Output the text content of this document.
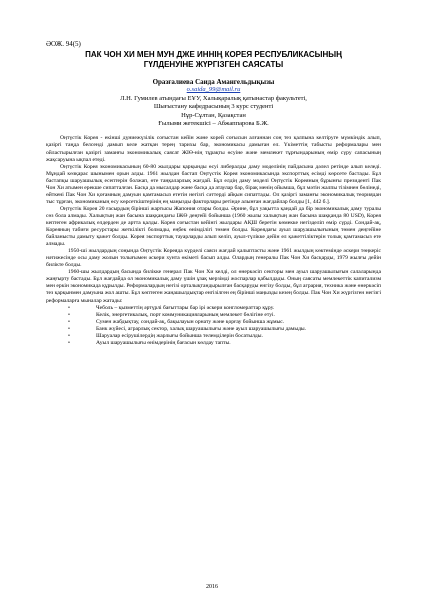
ӘОЖ. 94(5)
ПАК ЧОН ХИ МЕН МУН ДЖЕ ИННІҢ КОРЕЯ РЕСПУБЛИКАСЫНЫҢ
ГҮЛДЕНУІНЕ ЖҮРГІЗГЕН САЯСАТЫ
Оразғалиева Саида Амангельдықызы
o.saida_99@mail.ru
Л.Н. Гумилев атындағы ЕҰУ, Халықаралық қатынастар факультеті,
Шығыстану кафедрасының 3 курс студенті
Нұр-Сұлтан, Қазақстан
Ғылыми жетекшісі – Абжаппарова Б.Ж.

Оңтүстік Корея - екінші дүниежүзілік соғыстан кейін және корей соғысын алғаннан соң тез қалпына келтіруге мүмкіндік алып, қазіргі таңда белсенді дамып келе жатқан терең тарихы бар, экономикасы дамыған ел. Үкіметтің табысты реформалары мен ойластырылған қазіргі заманғы экономикалық саясат ЖІӨ-нің тұрақты өсуіне және мемлекет тұрғындарының өмір сүру сапасының жақсаруына ықпал етеді.

Оңтүстік Корея экономикасының 60-80 жылдары қарқынды өсуі либералды даму моделінің пайдасына дәлел ретінде алып келеді. Мұндай көзқарас шынымен орын алды. 1961 жылдан бастап Оңтүстік Корея экономикасында экспорттық есімді көрсете бастады. Бұл бастапқы шаруашылық есептерін болжап, өте таңқаларлық жағдай. Бұл елдің даму моделі Оңтүстік Кореяның бұрынғы президенті Пак Чон Хи атымен ерекше сипатталған. Басқа да мысалдар және басқа да атаулар бар, бірақ менің ойымша, бұл мәтін жалпы тізімнен бөлінеді, өйткені Пак Чон Хи қоғамның дамуын қамтамасыз ететін негізгі сәттерді айқын сипаттады. Ол қазіргі заманғы экономикалық теориядан тыс тұрған, экономиканың өсу көрсеткіштерінің ең маңызды факторлары ретінде алынған жағдайлар болды [1, 442 б.].

Оңтүстік Корея 20 ғасырдың бірінші жартысы Жапония отары болды. Әрине, бұл уақытта қандай да бір экономикалық даму туралы сөз бола алмады. Халықтың жан басына шаққандағы ІЖӨ деңгейі бойынша (1960 жылы халықтың жан басына шаққанда 80 USD), Корея кептеген африкалық елдерден де артта қалды. Корея соғыстан кейінгі жылдары АҚШ беретін көмекке негізделіп өмір сүрді. Сондай-ақ, Кореяның табиғи ресурстары жеткілікті болмады, еңбек өнімділігі төмен болды. Кореядағы ауыл шаруашылығының төмен деңгейіне байланысты дамыту қажет болды. Корея экспорттық тауарларды алып келіп, ауыл-түлікке дейін ел қажеттіліктерін толық қамтамасыз ете алмады.

1950-ші жылдардың соңында Оңтүстік Кореяда күрделі саяси жағдай қалыптасты және 1961 жылдың көктемінде әскери төңкеріс нәтижесінде осы даму жолын толығымен әскери хунта өкіметі басып алды. Олардың генералы Пак Чон Хи басқарды, 1979 жылғы дейін билікте болды.

1960-шы жылдардың басында билікке генерал Пак Чон Хи келді, ол өнеркәсіп секторы мен ауыл шаруашылығын салаларында жаңғырту бастады. Бұл жағдайда ол экономикалық даму үшін ұзақ мерзімді жоспарлар қабылдады. Оның саясаты мемлекеттік капитализм мен еркін экономикада құрылды. Реформалардың негізі орталықтандырылған басқаруды енгізу болды, бұл агрария, техника және өнеркәсіп тез қарқынмен дамуына жол ашты. Бұл көптеген жаңашылдықтар енгізілген ең бірінші маңызды кезең болды. Пак Чон Хи жүргізген негізгі реформаларға мыналар жатады:

• Чеболь – қызметтің әртүрлі бағыттары бар ірі әскери конгломераттар құру.
• Келік, энергетикалық, порт коммуникацияларының мемлекет бөлігіне етуі.
• Сумен жабдықтау, сондай-ақ, бақылауын орнату және қорғау бойынша жұмыс.
• Банк жүйесі, аграрлық сектор, халық шаруашылығы және ауыл шаруашылығы дамыды.
• Шаруалар есірушілердің жарлығы бойынша телемділерін босатылды.
• Ауыл шаруашылығы өнімдерінің бағасын көлдау тапты.
2016
